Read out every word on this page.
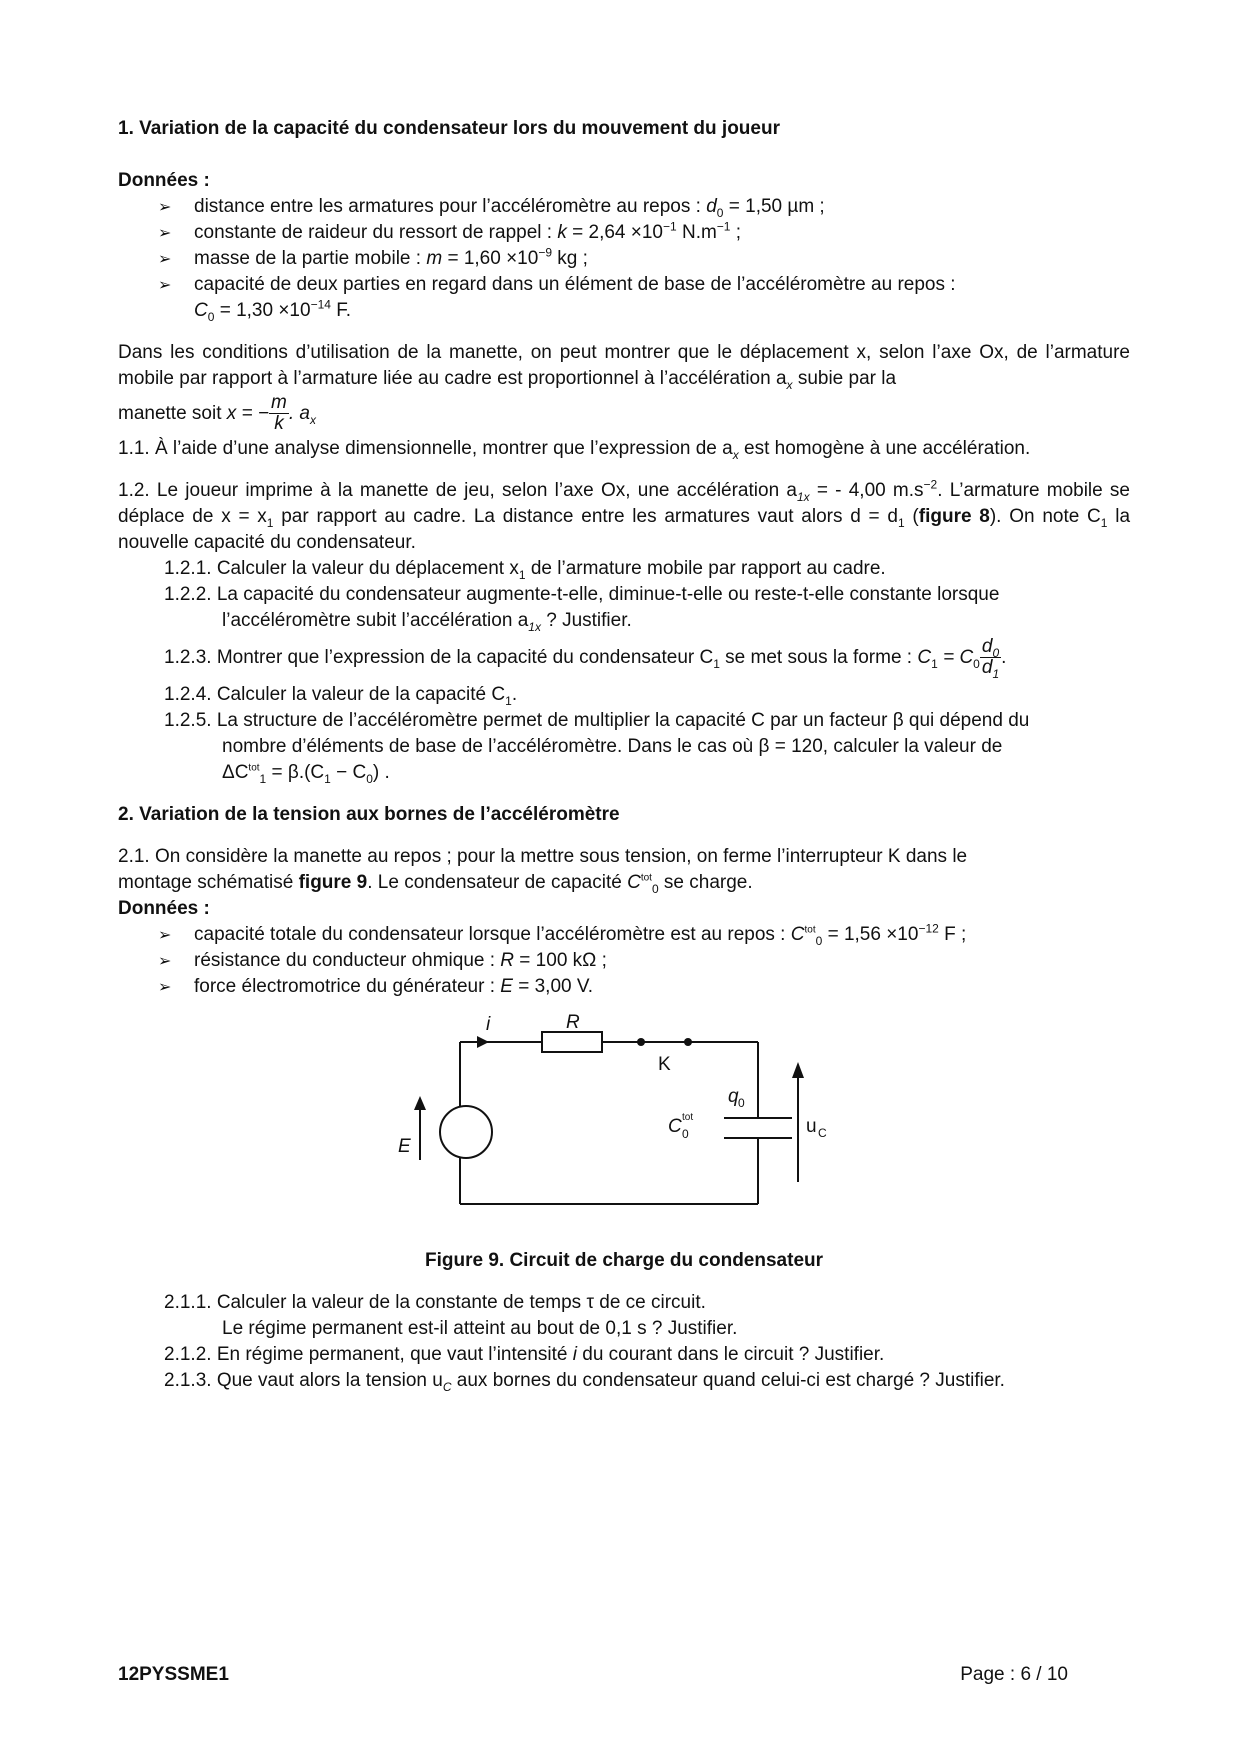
1. Variation de la capacité du condensateur lors du mouvement du joueur

Données :

➢ distance entre les armatures pour l’accéléromètre au repos : $d_0 = 1,50$ µm ;
➢ constante de raideur du ressort de rappel : $k = 2,64 \times 10^{-1}$ $N.m^{-1}$ ;
➢ masse de la partie mobile : $m = 1,60 \times 10^{-9}$ kg ;
➢ capacité de deux parties en regard dans un élément de base de l’accéléromètre au repos :
$C_0 = 1,30 \times 10^{-14}$ F.

Dans les conditions d’utilisation de la manette, on peut montrer que le déplacement x, selon l’axe Ox, de l’armature mobile par rapport à l’armature liée au cadre est proportionnel à l’accélération $a_x$ subie par la

manette soit x = − $\frac{m}{k}$ . $a_x$

1.1. À l’aide d’une analyse dimensionnelle, montrer que l’expression de $a_x$ est homogène à une accélération.

1.2. Le joueur imprime à la manette de jeu, selon l’axe Ox, une accélération $a_{1x}$ = - 4,00 $m.s^{-2}$. L’armature mobile se déplace de $x = x_1$ par rapport au cadre. La distance entre les armatures vaut alors $d = d_1$ (figure 8). On note $C_1$ la nouvelle capacité du condensateur.

1.2.1. Calculer la valeur du déplacement $x_1$ de l’armature mobile par rapport au cadre.

1.2.2. La capacité du condensateur augmente-t-elle, diminue-t-elle ou reste-t-elle constante lorsque
l’accéléromètre subit l’accélération $a_{1x}$ ? Justifier.

1.2.3. Montrer que l’expression de la capacité du condensateur $C_1$ se met sous la forme : $C_1 = C_0 \frac{d_0}{d_1}$ .

1.2.4. Calculer la valeur de la capacité $C_1$.

1.2.5. La structure de l’accéléromètre permet de multiplier la capacité C par un facteur β qui dépend du
nombre d’éléments de base de l’accéléromètre. Dans le cas où β = 120, calculer la valeur de
$\Delta C^{tot}_1 = \beta.(C_1 - C_0)$ .

2. Variation de la tension aux bornes de l’accéléromètre

2.1. On considère la manette au repos ; pour la mettre sous tension, on ferme l’interrupteur K dans le
montage schématisé figure 9. Le condensateur de capacité $C^{tot}_0$ se charge.

Données :

➢ capacité totale du condensateur lorsque l’accéléromètre est au repos : $C^{tot}_0 = 1,56 \times 10^{-12}$ F ;
➢ résistance du conducteur ohmique : R = 100 kΩ ;
➢ force électromotrice du générateur : E = 3,00 V.
i	R
K
q 0
C tot
0	u C
E

Figure 9. Circuit de charge du condensateur

2.1.1. Calculer la valeur de la constante de temps τ de ce circuit.
Le régime permanent est-il atteint au bout de 0,1 s ? Justifier.

2.1.2. En régime permanent, que vaut l’intensité i du courant dans le circuit ? Justifier.

2.1.3. Que vaut alors la tension $u_C$ aux bornes du condensateur quand celui-ci est chargé ? Justifier.

12PYSSME1	Page : 6 / 10
